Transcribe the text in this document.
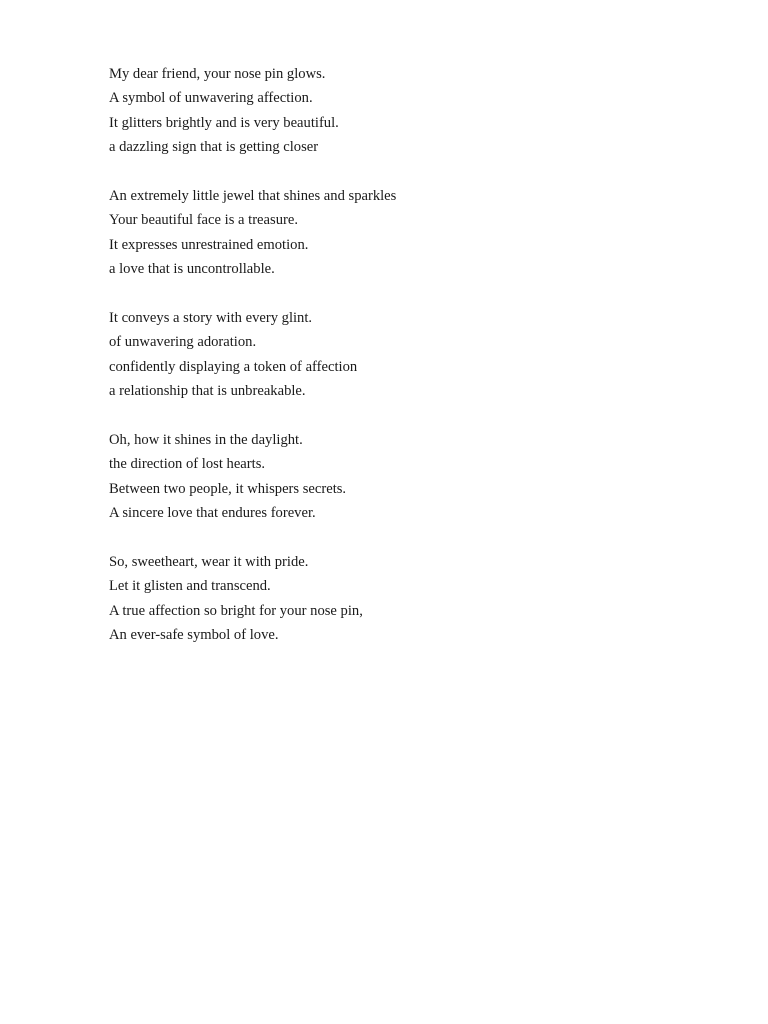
My dear friend, your nose pin glows.
A symbol of unwavering affection.
It glitters brightly and is very beautiful.
a dazzling sign that is getting closer
An extremely little jewel that shines and sparkles
Your beautiful face is a treasure.
It expresses unrestrained emotion.
a love that is uncontrollable.
It conveys a story with every glint.
of unwavering adoration.
confidently displaying a token of affection
a relationship that is unbreakable.
Oh, how it shines in the daylight.
the direction of lost hearts.
Between two people, it whispers secrets.
A sincere love that endures forever.
So, sweetheart, wear it with pride.
Let it glisten and transcend.
A true affection so bright for your nose pin,
An ever-safe symbol of love.
